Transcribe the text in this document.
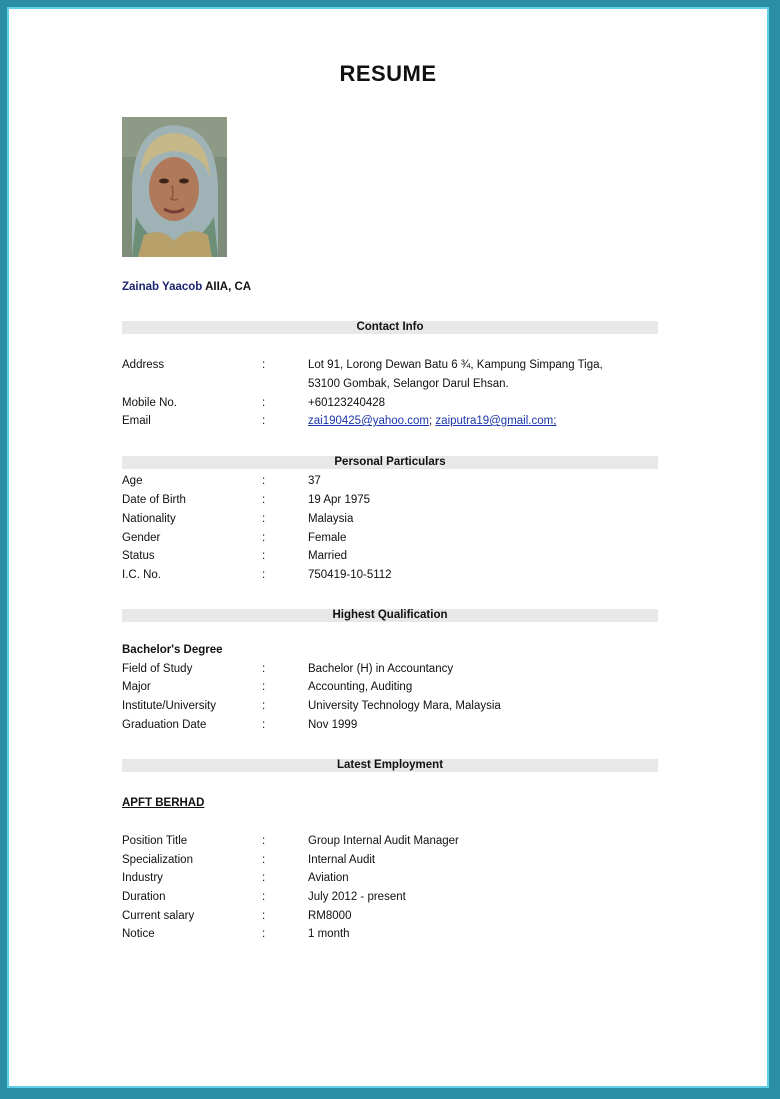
RESUME
Zainab Yaacob AIIA, CA
Contact Info
Address	:	Lot 91, Lorong Dewan Batu 6 ¾, Kampung Simpang Tiga,
53100 Gombak, Selangor Darul Ehsan.
Mobile No.	:	+60123240428
Email	:	zai190425@yahoo.com; zaiputra19@gmail.com;
Personal Particulars
Age	:	37
Date of Birth	:	19 Apr 1975
Nationality	:	Malaysia
Gender	:	Female
Status	:	Married
I.C. No.	:	750419-10-5112
Highest Qualification
Bachelor's Degree
Field of Study	:	Bachelor (H) in Accountancy
Major	:	Accounting, Auditing
Institute/University	:	University Technology Mara, Malaysia
Graduation Date	:	Nov 1999
Latest Employment
APFT BERHAD
Position Title	:	Group Internal Audit Manager
Specialization	:	Internal Audit
Industry	:	Aviation
Duration	:	July 2012 - present
Current salary	:	RM8000
Notice	:	1 month
